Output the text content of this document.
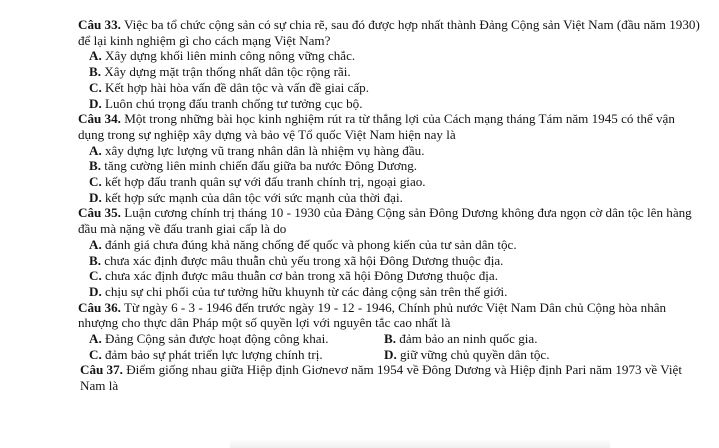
Câu 33. Việc ba tổ chức cộng sản có sự chia rẽ, sau đó được hợp nhất thành Đảng Cộng sản Việt Nam (đầu năm 1930) để lại kinh nghiệm gì cho cách mạng Việt Nam?

A. Xây dựng khối liên minh công nông vững chắc.

B. Xây dựng mặt trận thống nhất dân tộc rộng rãi.

C. Kết hợp hài hòa vấn đề dân tộc và vấn đề giai cấp.

D. Luôn chú trọng đấu tranh chống tư tưởng cục bộ.

Câu 34. Một trong những bài học kinh nghiệm rút ra từ thắng lợi của Cách mạng tháng Tám năm 1945 có thể vận dụng trong sự nghiệp xây dựng và bảo vệ Tổ quốc Việt Nam hiện nay là

A. xây dựng lực lượng vũ trang nhân dân là nhiệm vụ hàng đầu.

B. tăng cường liên minh chiến đấu giữa ba nước Đông Dương.

C. kết hợp đấu tranh quân sự với đấu tranh chính trị, ngoại giao.

D. kết hợp sức mạnh của dân tộc với sức mạnh của thời đại.

Câu 35. Luận cương chính trị tháng 10 - 1930 của Đảng Cộng sản Đông Dương không đưa ngọn cờ dân tộc lên hàng đầu mà nặng về đấu tranh giai cấp là do

A. đánh giá chưa đúng khả năng chống đế quốc và phong kiến của tư sản dân tộc.

B. chưa xác định được mâu thuẫn chủ yếu trong xã hội Đông Dương thuộc địa.

C. chưa xác định được mâu thuẫn cơ bản trong xã hội Đông Dương thuộc địa.

D. chịu sự chi phối của tư tưởng hữu khuynh từ các đảng cộng sản trên thế giới.

Câu 36. Từ ngày 6 - 3 - 1946 đến trước ngày 19 - 12 - 1946, Chính phủ nước Việt Nam Dân chủ Cộng hòa nhân nhượng cho thực dân Pháp một số quyền lợi với nguyên tắc cao nhất là

A. Đảng Cộng sản được hoạt động công khai.	B. đảm bảo an ninh quốc gia.
C. đảm bảo sự phát triển lực lượng chính trị.	D. giữ vững chủ quyền dân tộc.

Câu 37. Điểm giống nhau giữa Hiệp định Giơnevơ năm 1954 về Đông Dương và Hiệp định Pari năm 1973 về Việt Nam là
